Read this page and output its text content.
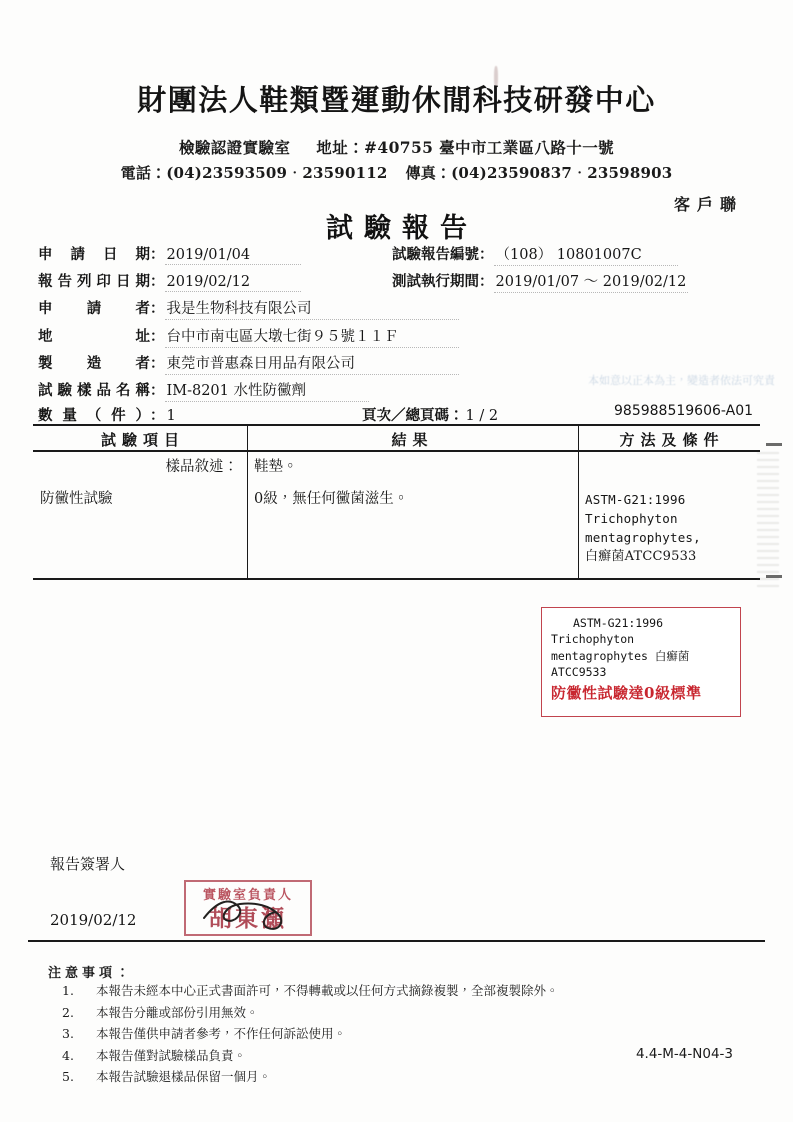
財團法人鞋類暨運動休閒科技研發中心
檢驗認證實驗室 地址：#40755 臺中市工業區八路十一號
電話：(04)23593509‧23590112 傳真：(04)23590837‧23598903
客戶聯
試驗報告
申請日期： 2019/01/04	試驗報告編號： （108） 10801007C
報告列印日期： 2019/02/12	測試執行期間： 2019/01/07 ～ 2019/02/12
申請者： 我是生物科技有限公司
地址： 台中市南屯區大墩七街９５號１１Ｆ
製造者： 東莞市普惠森日用品有限公司
試驗樣品名稱： IM-8201 水性防黴劑
本如意以正本為主，變造者依法可究責
數量（件）： 1	頁次／總頁碼： 1 / 2	985988519606-A01
試驗項目	結果	方法及條件
樣品敘述： 鞋墊。
防黴性試驗	0級，無任何黴菌滋生。	ASTM-G21:1996
Trichophyton
mentagrophytes,
白癬菌ATCC9533
ASTM-G21:1996
Trichophyton
mentagrophytes 白癬菌
ATCC9533
防黴性試驗達0級標準
報告簽署人
2019/02/12
實驗室負責人
胡東灝
注意事項：
1. 本報告未經本中心正式書面許可，不得轉載或以任何方式摘錄複製，全部複製除外。
2. 本報告分離或部份引用無效。
3. 本報告僅供申請者參考，不作任何訴訟使用。
4. 本報告僅對試驗樣品負責。
5. 本報告試驗退樣品保留一個月。
4.4-M-4-N04-3
